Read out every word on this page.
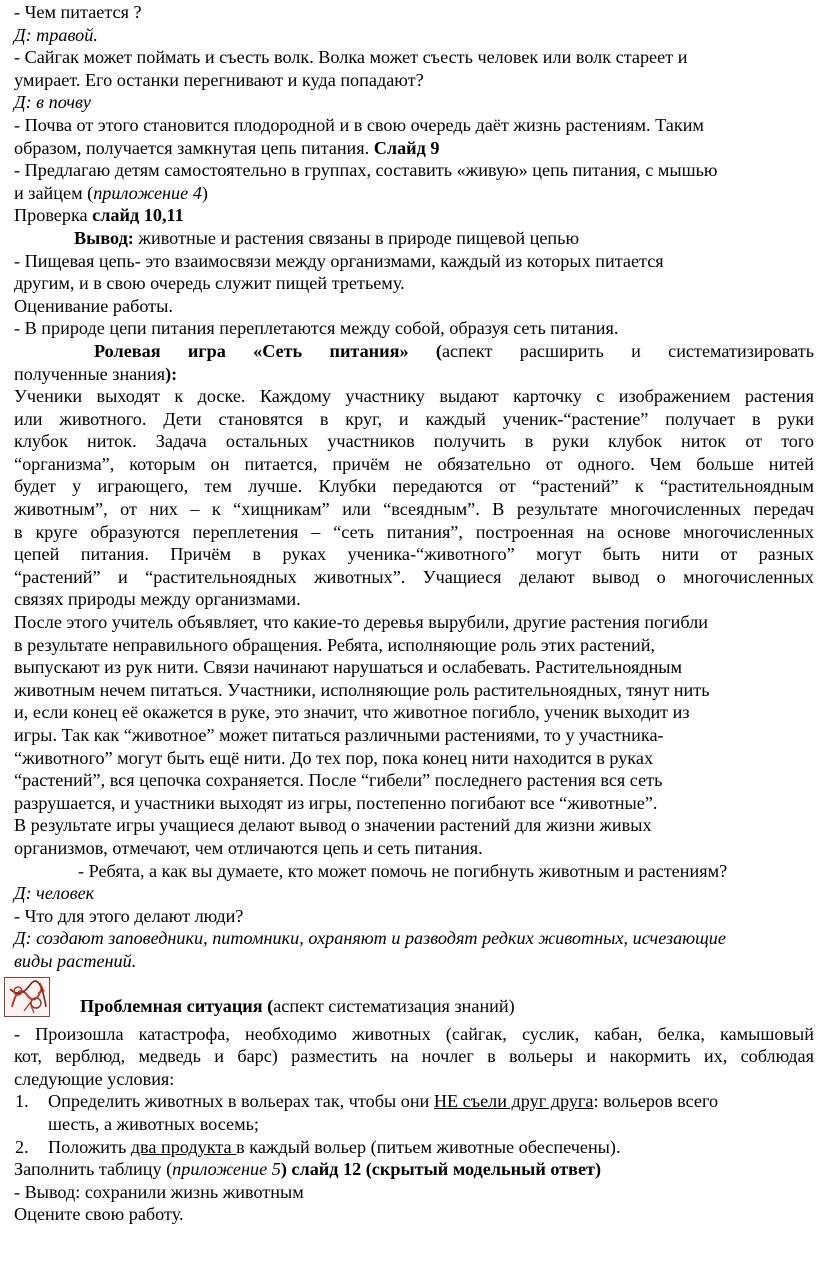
- Чем питается ?

Д: травой.

- Сайгак может поймать и съесть волк. Волка может съесть человек или волк стареет и

умирает. Его останки перегнивают и куда попадают?

Д: в почву

- Почва от этого становится плодородной и в свою очередь даёт жизнь растениям. Таким

образом, получается замкнутая цепь питания. Слайд 9

- Предлагаю детям самостоятельно в группах, составить «живую» цепь питания, с мышью

и зайцем (приложение 4)

Проверка слайд 10,11

Вывод: животные и растения связаны в природе пищевой цепью

- Пищевая цепь- это взаимосвязи между организмами, каждый из которых питается

другим, и в свою очередь служит пищей третьему.

Оценивание работы.

- В природе цепи питания переплетаются между собой, образуя сеть питания.

Ролевая игра «Сеть питания» (аспект расширить и систематизировать

полученные знания):

Ученики выходят к доске. Каждому участнику выдают карточку с изображением растения

или животного. Дети становятся в круг, и каждый ученик-“растение” получает в руки

клубок ниток. Задача остальных участников получить в руки клубок ниток от того

“организма”, которым он питается, причём не обязательно от одного. Чем больше нитей

будет у играющего, тем лучше. Клубки передаются от “растений” к “растительноядным

животным”, от них – к “хищникам” или “всеядным”. В результате многочисленных передач

в круге образуются переплетения – “сеть питания”, построенная на основе многочисленных

цепей питания. Причём в руках ученика-“животного” могут быть нити от разных

“растений” и “растительноядных животных”. Учащиеся делают вывод о многочисленных

связях природы между организмами.

После этого учитель объявляет, что какие-то деревья вырубили, другие растения погибли

в результате неправильного обращения. Ребята, исполняющие роль этих растений,

выпускают из рук нити. Связи начинают нарушаться и ослабевать. Растительноядным

животным нечем питаться. Участники, исполняющие роль растительноядных, тянут нить

и, если конец её окажется в руке, это значит, что животное погибло, ученик выходит из

игры. Так как “животное” может питаться различными растениями, то у участника-

“животного” могут быть ещё нити. До тех пор, пока конец нити находится в руках

“растений”, вся цепочка сохраняется. После “гибели” последнего растения вся сеть

разрушается, и участники выходят из игры, постепенно погибают все “животные”.

В результате игры учащиеся делают вывод о значении растений для жизни живых

организмов, отмечают, чем отличаются цепь и сеть питания.

- Ребята, а как вы думаете, кто может помочь не погибнуть животным и растениям?

Д: человек

- Что для этого делают люди?

Д: создают заповедники, питомники, охраняют и разводят редких животных, исчезающие

виды растений.

Проблемная ситуация (аспект систематизация знаний)

- Произошла катастрофа, необходимо животных (сайгак, суслик, кабан, белка, камышовый

кот, верблюд, медведь и барс) разместить на ночлег в вольеры и накормить их, соблюдая

следующие условия:

1. Определить животных в вольерах так, чтобы они НЕ съели друг друга: вольеров всего

шесть, а животных восемь;

2. Положить два продукта в каждый вольер (питьем животные обеспечены).

Заполнить таблицу (приложение 5) слайд 12 (скрытый модельный ответ)

- Вывод: сохранили жизнь животным

Оцените свою работу.
